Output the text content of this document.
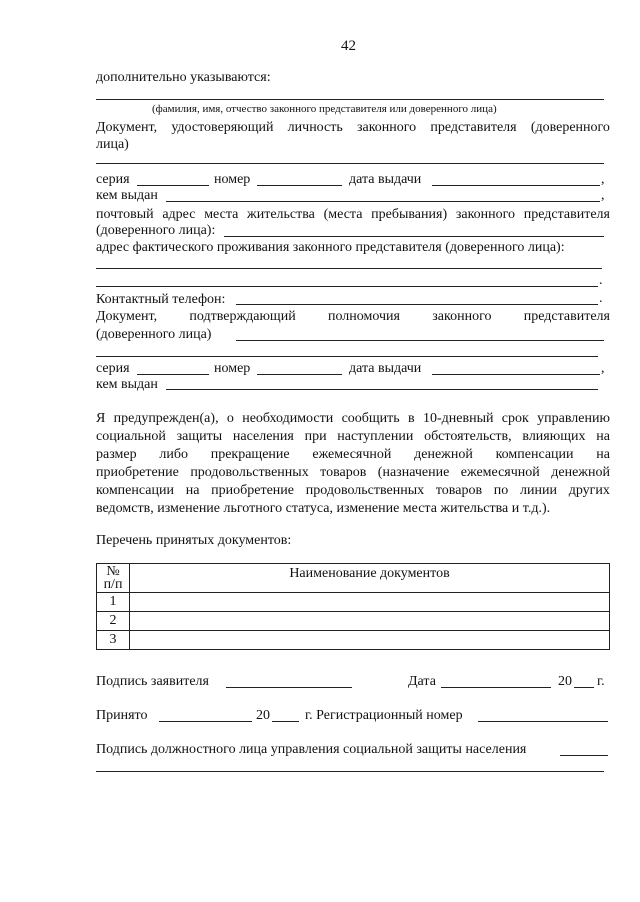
42
дополнительно указываются:
(фамилия, имя, отчество законного представителя или доверенного лица)
Документ, удостоверяющий личность законного представителя (доверенного
лица)
серия	номер	дата выдачи	,
кем выдан	,
почтовый адрес места жительства (места пребывания) законного представителя
(доверенного лица):
адрес фактического проживания законного представителя (доверенного лица):
.
Контактный телефон:	.
Документ, подтверждающий полномочия законного представителя
(доверенного лица)
серия	номер	дата выдачи	,
кем выдан
Я предупрежден(а), о необходимости сообщить в 10-дневный срок управлению
социальной защиты населения при наступлении обстоятельств, влияющих на
размер либо прекращение ежемесячной денежной компенсации на
приобретение продовольственных товаров (назначение ежемесячной денежной
компенсации на приобретение продовольственных товаров по линии других
ведомств, изменение льготного статуса, изменение места жительства и т.д.).
Перечень принятых документов:
№
п/п	Наименование документов
1	
2	
3	
Подпись заявителя	Дата	20 г.
Принято	20	г. Регистрационный номер
Подпись должностного лица управления социальной защиты населения
